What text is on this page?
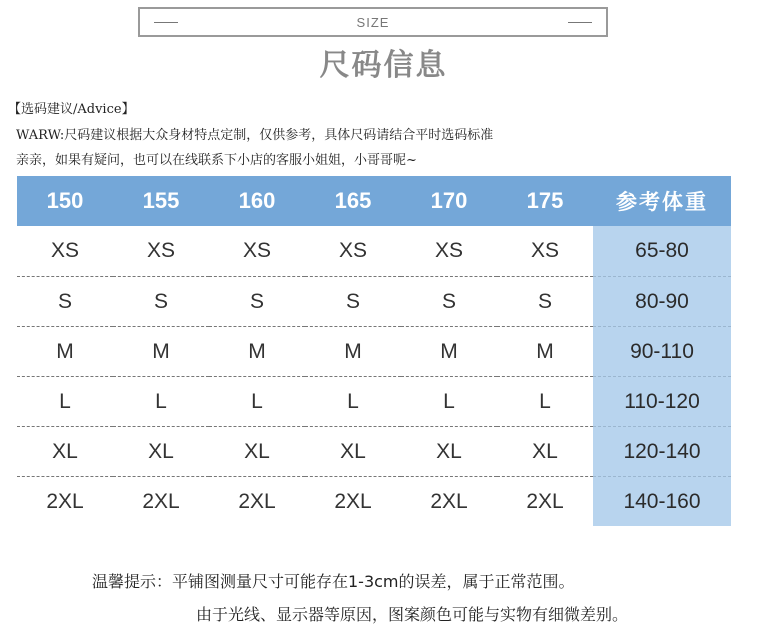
SIZE
尺码信息
【选码建议/Advice】
WARW:尺码建议根据大众身材特点定制，仅供参考，具体尺码请结合平时选码标准
亲亲，如果有疑问，也可以在线联系下小店的客服小姐姐，小哥哥呢~
150	155	160	165	170	175	参考体重
XS	XS	XS	XS	XS	XS	65-80
S	S	S	S	S	S	80-90
M	M	M	M	M	M	90-110
L	L	L	L	L	L	110-120
XL	XL	XL	XL	XL	XL	120-140
2XL	2XL	2XL	2XL	2XL	2XL	140-160
温馨提示：平铺图测量尺寸可能存在1-3cm的误差，属于正常范围。
由于光线、显示器等原因，图案颜色可能与实物有细微差别。
